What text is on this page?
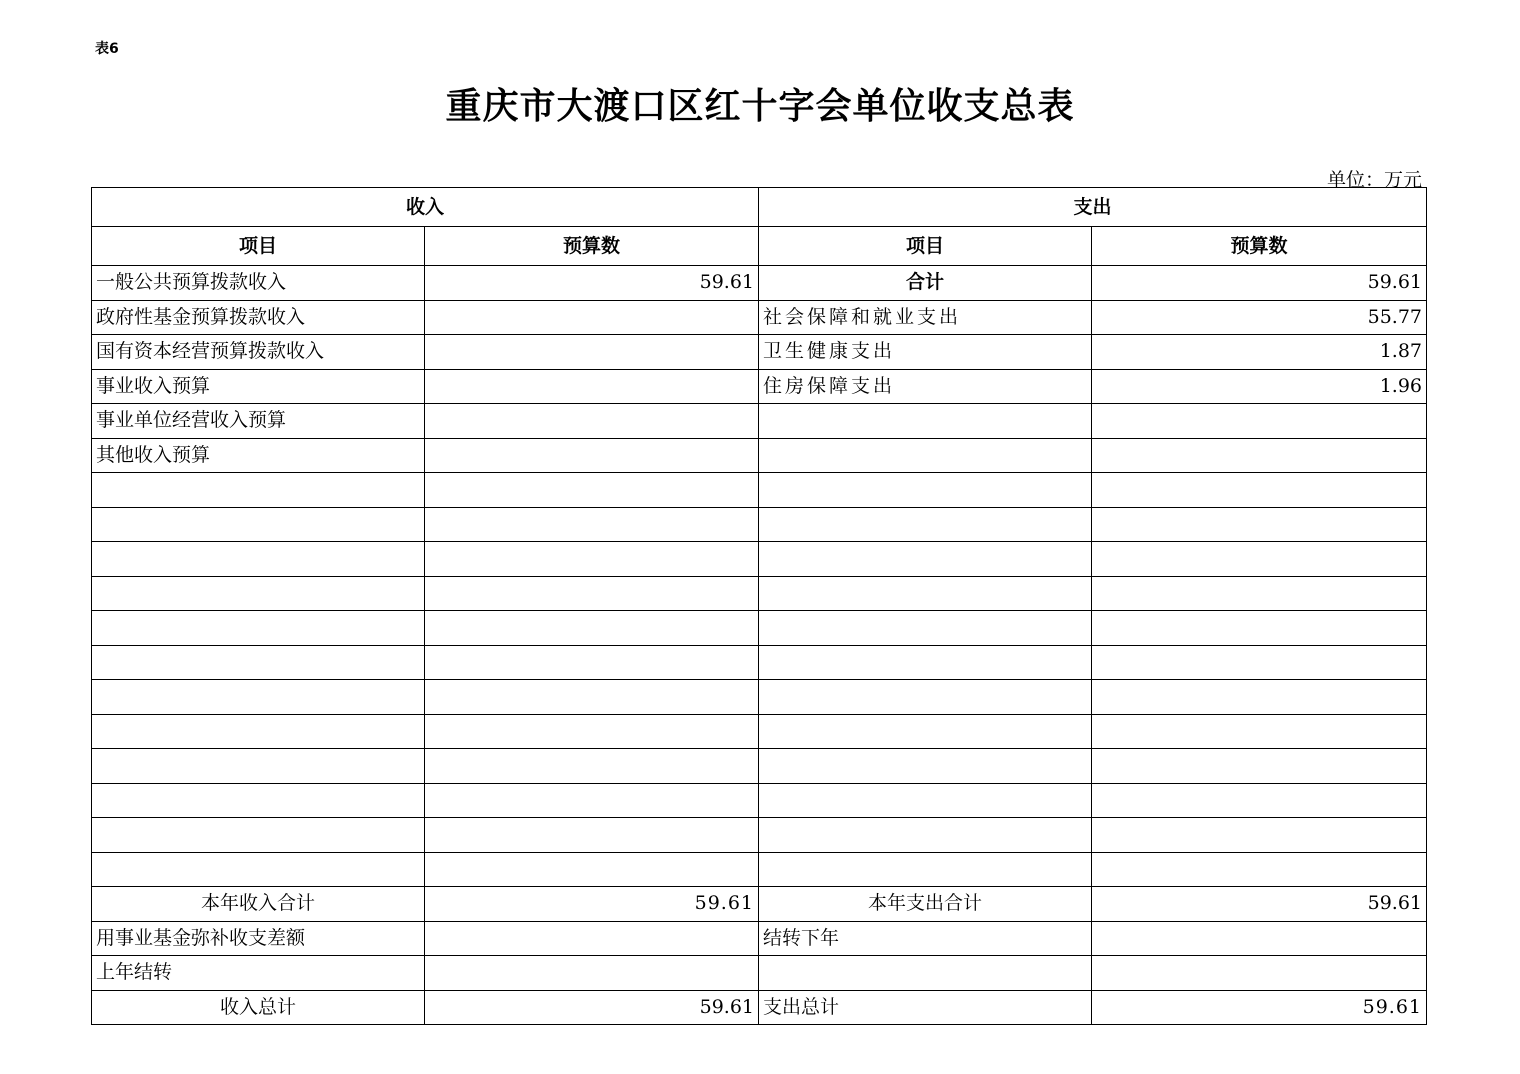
表6
重庆市大渡口区红十字会单位收支总表
单位：万元
收入		支出	
项目	预算数	项目	预算数
一般公共预算拨款收入	59.61	合计	59.61
政府性基金预算拨款收入		社会保障和就业支出	55.77
国有资本经营预算拨款收入		卫生健康支出	1.87
事业收入预算		住房保障支出	1.96
事业单位经营收入预算			
其他收入预算			

本年收入合计	59.61	本年支出合计	59.61
用事业基金弥补收支差额		结转下年	
上年结转			
收入总计	59.61	支出总计	59.61
